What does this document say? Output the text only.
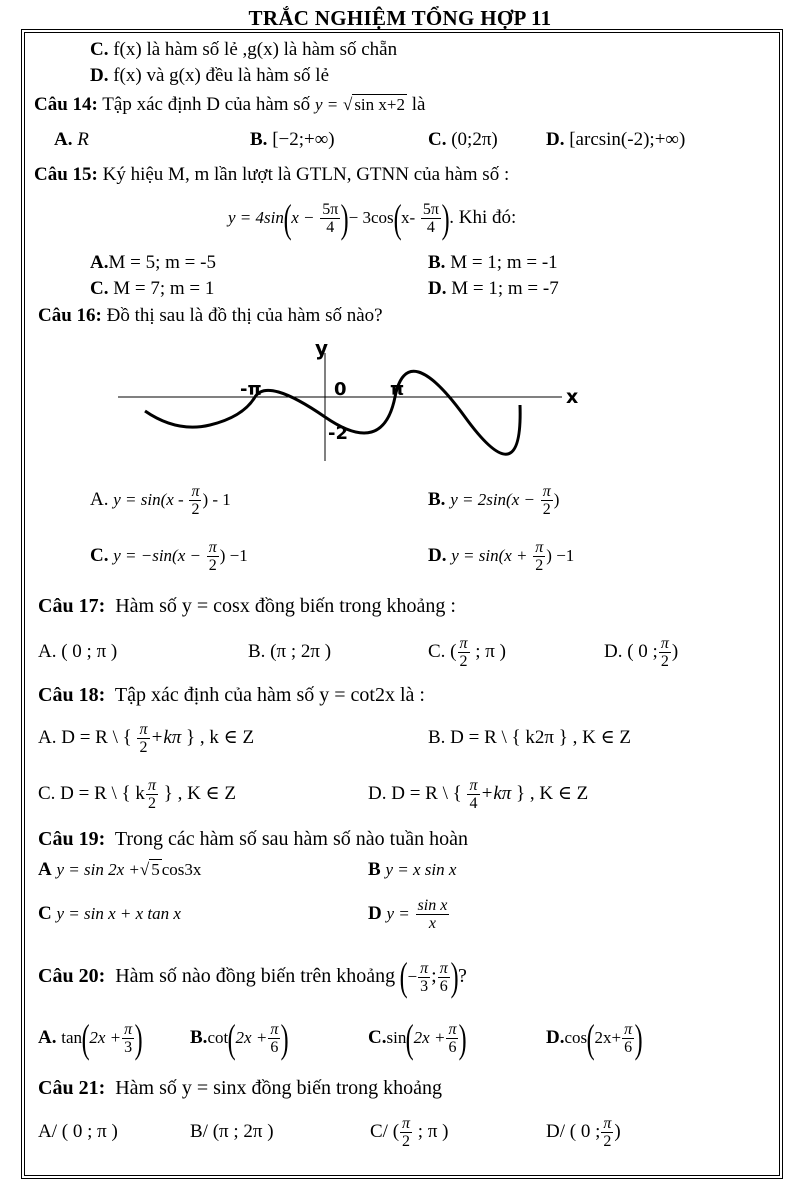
TRẮC NGHIỆM TỔNG HỢP 11
C. f(x) là hàm số lẻ ,g(x) là hàm số chẵn
D. f(x) và g(x) đều là hàm số lẻ
Câu 14: Tập xác định D của hàm số y = √ sin x+2 là
A. R	B. [−2;+∞)	C. (0;2π)	D. [arcsin(-2);+∞)
Câu 15: Ký hiệu M, m lần lượt là GTLN, GTNN của hàm số :
$y = 4\sin(x - \frac{5\pi}{4}$ )− $3\cos(x- \frac{5\pi}{4}$ ). Khi đó:
A.M = 5; m = -5	B. M = 1; m = -1
C. M = 7; m = 1	D. M = 1; m = -7
Câu 16: Đồ thị sau là đồ thị của hàm số nào?
y
x
-π	0 π
-2
A. $y = \sin(x - \frac{\pi}{2}$ ) - 1	B. $y = 2\sin(x - \frac{\pi}{2}$ )
C. $y = -\sin(x - \frac{\pi}{2}$ ) −1	D. $y = \sin(x + \frac{\pi}{2}$ ) −1
Câu 17: Hàm số y = cosx đồng biến trong khoảng :
A. ( 0 ; π )	B. (π ; 2π )	C. ( $\frac{\pi}{2}$ ; π )	D. ( 0 ; $\frac{\pi}{2}$ )
Câu 18: Tập xác định của hàm số y = cot2x là :
A. D = R \ { $\frac{\pi}{2} +k\pi$ } , k ∈ Z	B. D = R \ { k2π } , K ∈ Z
C. D = R \ { k $\frac{\pi}{2}$ } , K ∈ Z	D. D = R \ { $\frac{\pi}{4} +k\pi$ } , K ∈ Z
Câu 19: Trong các hàm số sau hàm số nào tuần hoàn
A y = sin 2x +√ 5 cos3x	B y = x sin x
C y = sin x + x tan x	D $y = \frac{\text{sin x}}{x}$
Câu 20: Hàm số nào đồng biến trên khoảng (− $\frac{\pi}{3}$ ; $\frac{\pi}{6}$ )?
A. $\tan(2x + \frac{\pi}{3}$ ) $B.\cot(2x + \frac{\pi}{6}$ )	$C.\sin(2x + \frac{\pi}{6}$ )	$D.\cos(2x+ \frac{\pi}{6}$ )
Câu 21: Hàm số y = sinx đồng biến trong khoảng
A/ ( 0 ; π )	B/ (π ; 2π )	C/ ( $\frac{\pi}{2}$ ; π )	D/ ( 0 ; $\frac{\pi}{2}$ )
